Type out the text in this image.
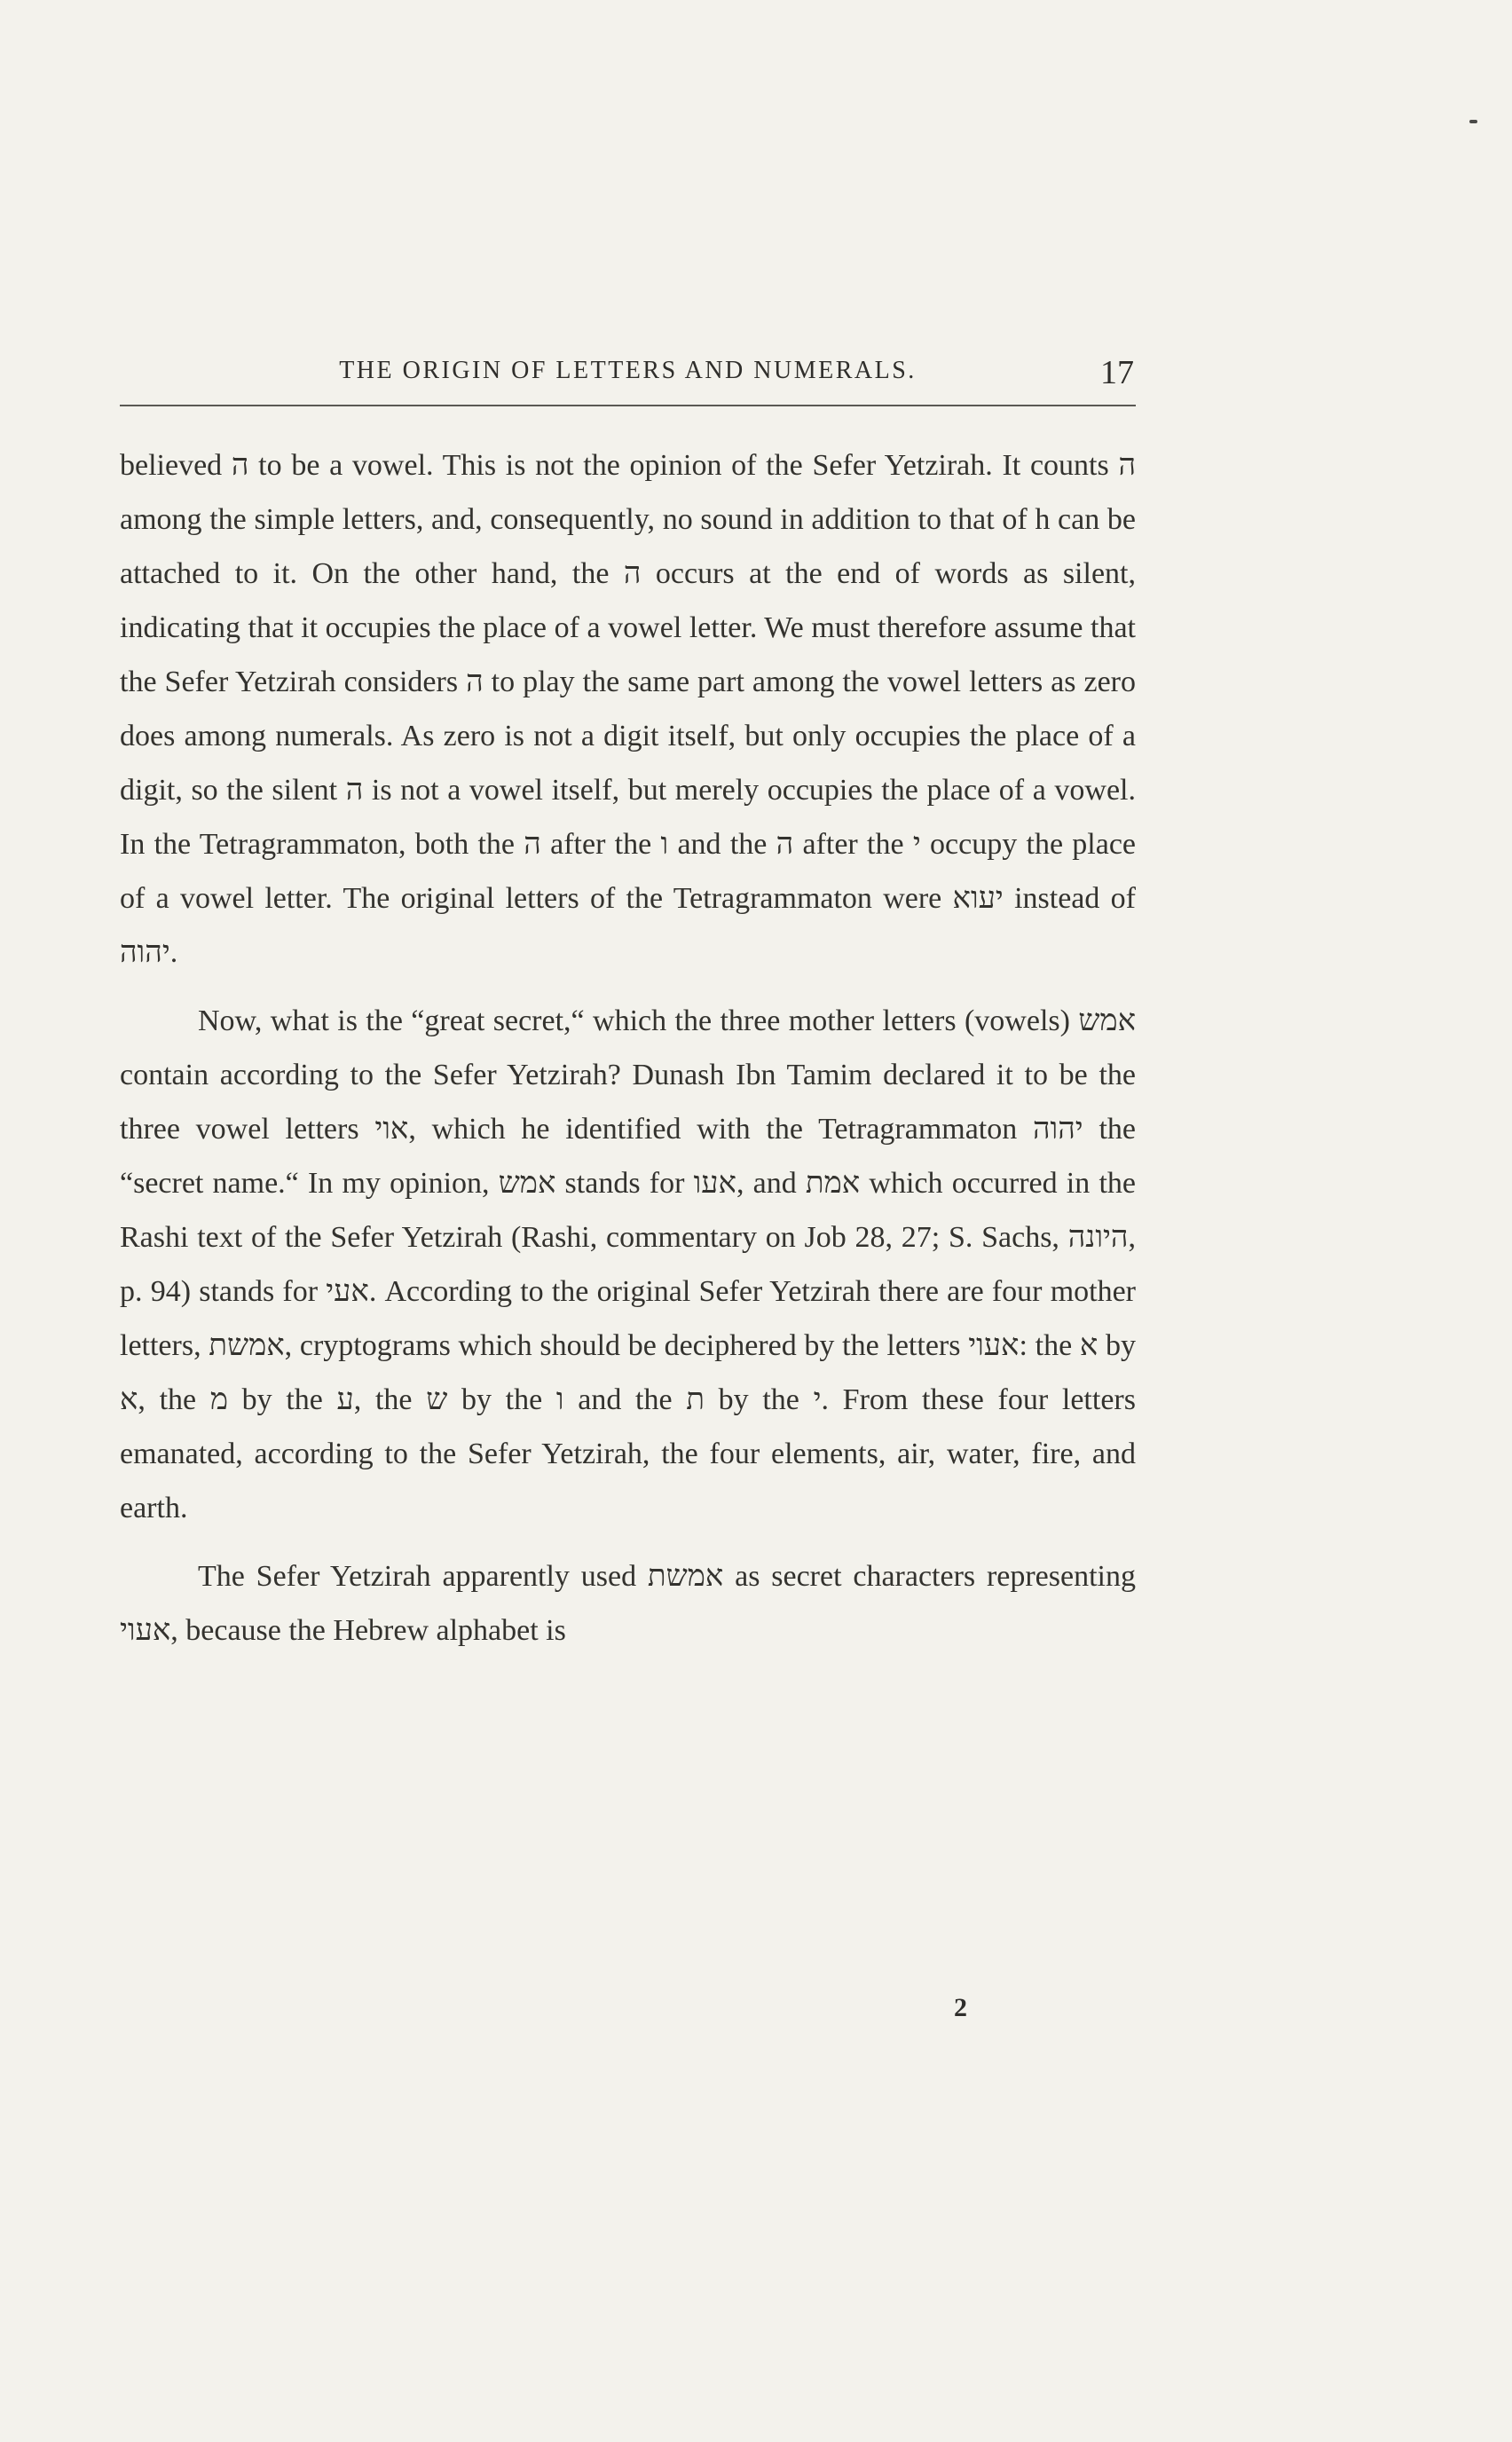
THE ORIGIN OF LETTERS AND NUMERALS.	17

believed ה to be a vowel. This is not the opinion of the Sefer Yetzirah. It counts ה among the simple letters, and, consequently, no sound in addition to that of h can be attached to it. On the other hand, the ה occurs at the end of words as silent, indicating that it occupies the place of a vowel letter. We must therefore assume that the Sefer Yetzirah considers ה to play the same part among the vowel letters as zero does among numerals. As zero is not a digit itself, but only occupies the place of a digit, so the silent ה is not a vowel itself, but merely occupies the place of a vowel. In the Tetragrammaton, both the ה after the ו and the ה after the י occupy the place of a vowel letter. The original letters of the Tetragrammaton were יעוא instead of יהוה.

Now, what is the “great secret,“ which the three mother letters (vowels) אמש contain according to the Sefer Yetzirah? Dunash Ibn Tamim declared it to be the three vowel letters אוי, which he identified with the Tetragrammaton יהוה the “secret name.“ In my opinion, אמש stands for אעו, and אמת which occurred in the Rashi text of the Sefer Yetzirah (Rashi, commentary on Job 28, 27; S. Sachs, היונה, p. 94) stands for אעי. According to the original Sefer Yetzirah there are four mother letters, אמשת, cryptograms which should be deciphered by the letters אעוי: the א by א, the מ by the ע, the ש by the ו and the ת by the י. From these four letters emanated, according to the Sefer Yetzirah, the four elements, air, water, fire, and earth.

The Sefer Yetzirah apparently used אמשת as secret characters representing אעוי, because the Hebrew alphabet is

2
